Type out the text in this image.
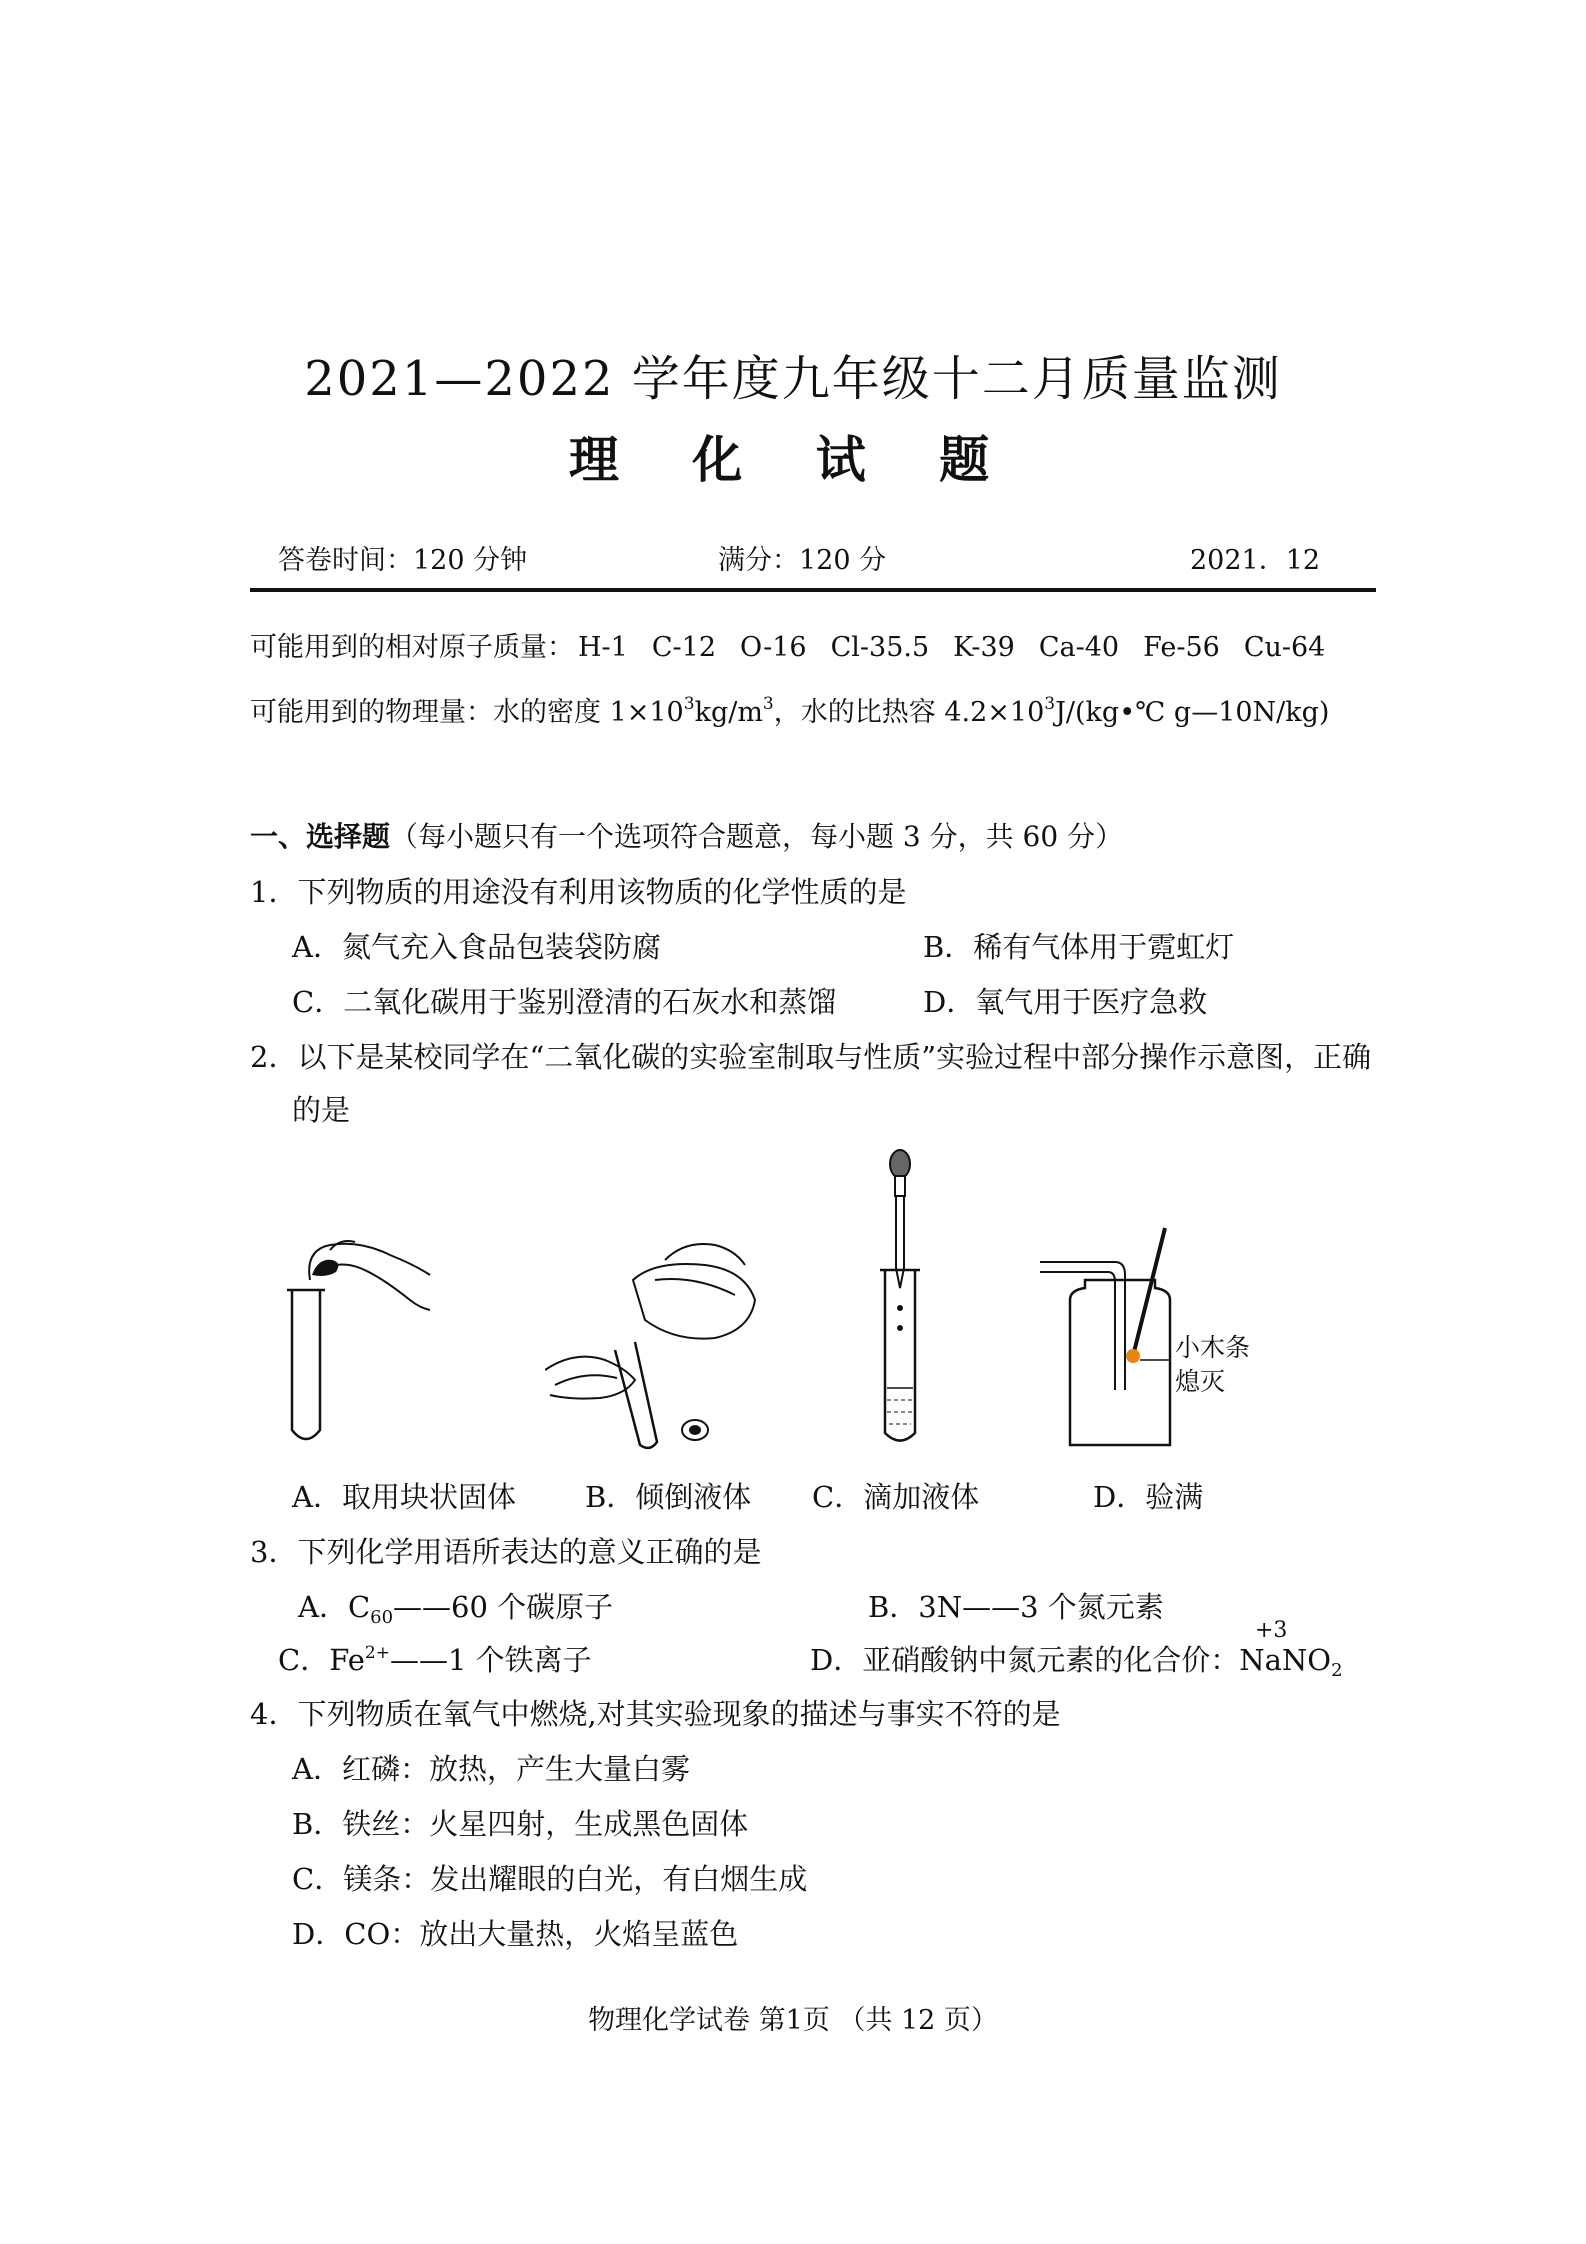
2021—2022 学年度九年级十二月质量监测
理 化 试 题
答卷时间：120 分钟	满分：120 分	2021．12
可能用到的相对原子质量： H-1 C-12 O-16 Cl-35.5 K-39 Ca-40 Fe-56 Cu-64
可能用到的物理量：水的密度 $1\times 10^3kg/m^3$，水的比热容 $4.2\times 10^3J/(kg•℃$ g—10N/kg)
一、选择题（每小题只有一个选项符合题意，每小题 3 分，共 60 分）
1．下列物质的用途没有利用该物质的化学性质的是
A．氮气充入食品包装袋防腐	B．稀有气体用于霓虹灯
C．二氧化碳用于鉴别澄清的石灰水和蒸馏	D．氧气用于医疗急救
2．以下是某校同学在“二氧化碳的实验室制取与性质”实验过程中部分操作示意图，正确
的是
小木条
熄灭
A．取用块状固体 B．倾倒液体 C．滴加液体	D．验满
3．下列化学用语所表达的意义正确的是
A．$C_{60}——60$ 个碳原子	B．3N——3 个氮元素
C．$Fe^{2+}——1$ 个铁离子	D．亚硝酸钠中氮元素的化合价：NaNO$_2$
+3
4．下列物质在氧气中燃烧,对其实验现象的描述与事实不符的是
A．红磷：放热，产生大量白雾
B．铁丝：火星四射，生成黑色固体
C．镁条：发出耀眼的白光，有白烟生成
D．CO：放出大量热，火焰呈蓝色
物理化学试卷 第1页 （共 12 页）
